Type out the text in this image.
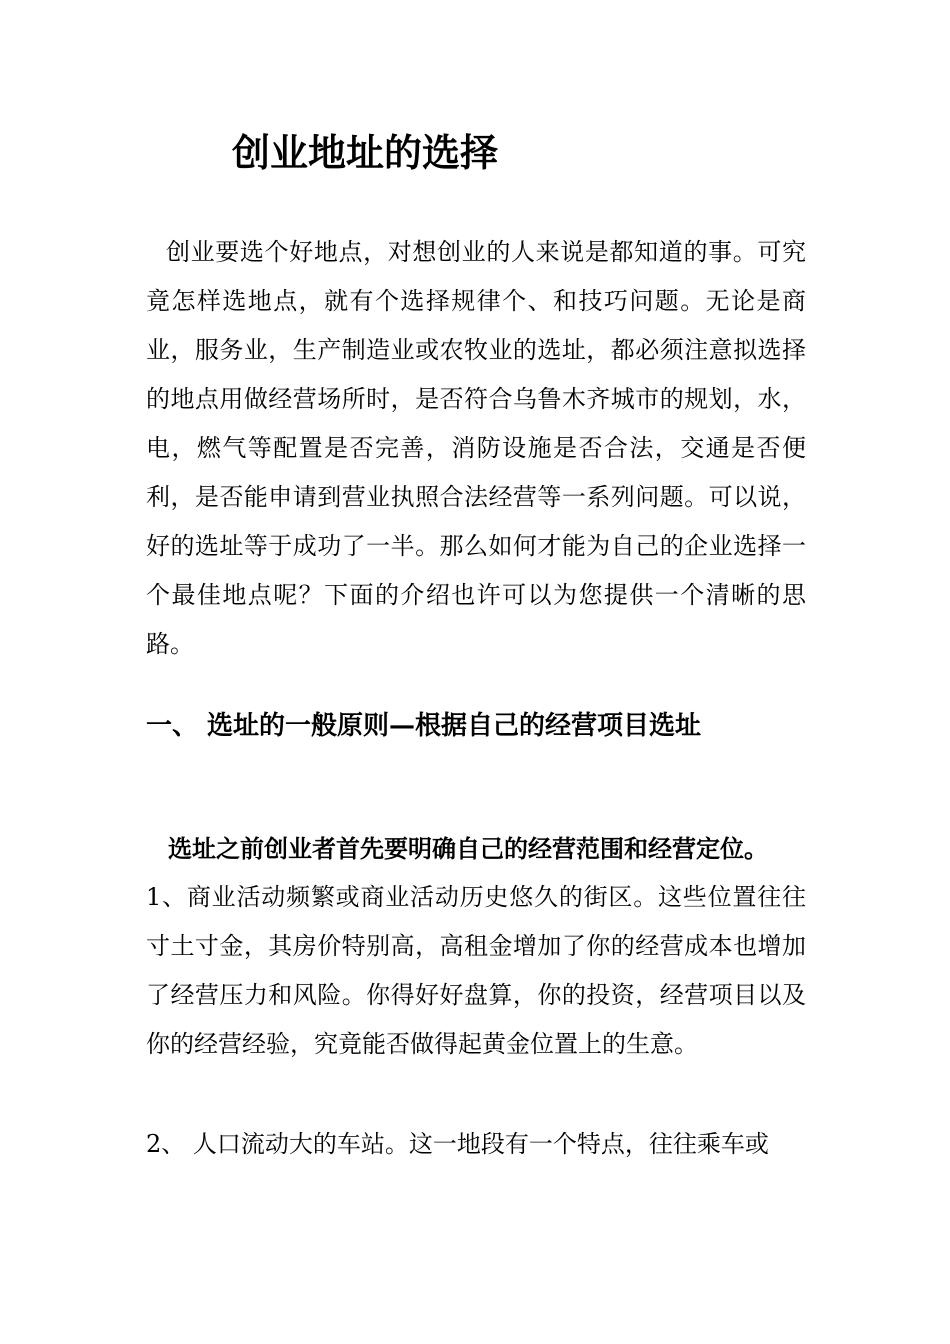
创业地址的选择

创业要选个好地点，对想创业的人来说是都知道的事。可究竟怎样选地点，就有个选择规律个、和技巧问题。无论是商业，服务业，生产制造业或农牧业的选址，都必须注意拟选择的地点用做经营场所时，是否符合乌鲁木齐城市的规划，水，电，燃气等配置是否完善，消防设施是否合法，交通是否便利，是否能申请到营业执照合法经营等一系列问题。可以说，好的选址等于成功了一半。那么如何才能为自己的企业选择一个最佳地点呢？下面的介绍也许可以为您提供一个清晰的思路。

一、 选址的一般原则—根据自己的经营项目选址

选址之前创业者首先要明确自己的经营范围和经营定位。

1、商业活动频繁或商业活动历史悠久的街区。这些位置往往寸土寸金，其房价特别高，高租金增加了你的经营成本也增加了经营压力和风险。你得好好盘算，你的投资，经营项目以及你的经营经验，究竟能否做得起黄金位置上的生意。

2、 人口流动大的车站。这一地段有一个特点，往往乘车或
